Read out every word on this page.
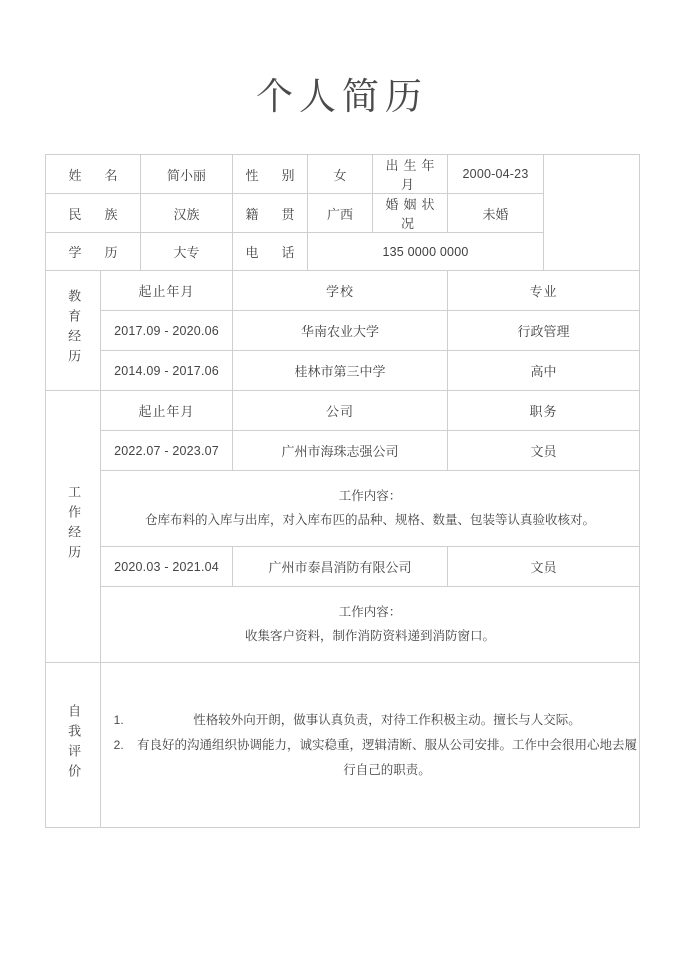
个人简历
姓　名		简小丽	性　别	女	出生年月	2000-04-23	
民　族		汉族	籍　贯	广西	婚姻状况	未婚	
学　历		大专	电　话	135 0000 0000			
教育经历	起止年月		学校			专业	
	2017.09 - 2020.06		华南农业大学			行政管理	
	2014.09 - 2017.06		桂林市第三中学			高中	
工作经历	起止年月		公司			职务	
	2022.07 - 2023.07		广州市海珠志强公司			文员	

	工作内容：
仓库布料的入库与出库，对入库布匹的品种、规格、数量、包装等认真验收核对。						

	2020.03 - 2021.04		广州市泰昌消防有限公司			文员	

	工作内容：
收集客户资料，制作消防资料递到消防窗口。						

自我评价	
1.性格较外向开朗，做事认真负责，对待工作积极主动。擅长与人交际。
2. 有良好的沟通组织协调能力，诚实稳重，逻辑清断、服从公司安排。工作中会很用心地去履行自己的职责。
